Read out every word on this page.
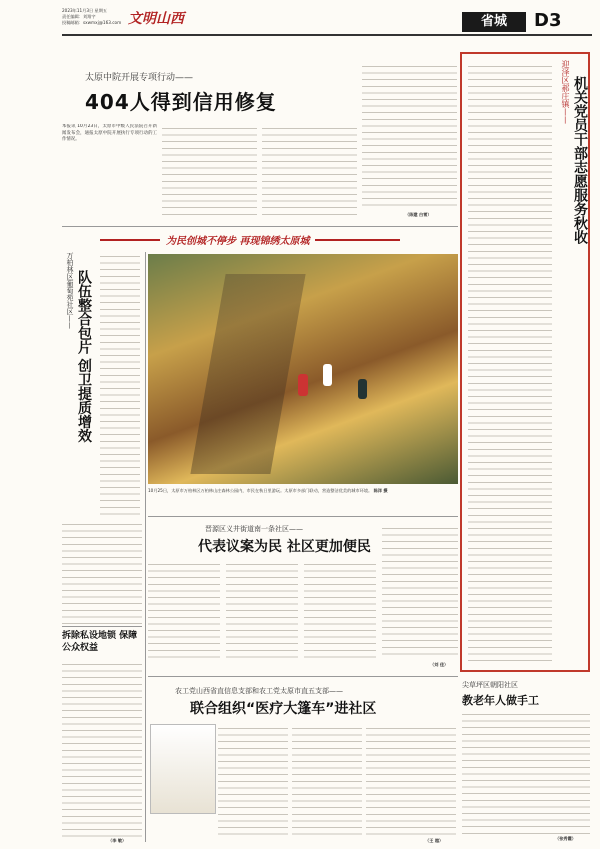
2023年11月3日 星期五
责任编辑：刘翔宇
投稿邮箱：sxwmxj@163.com 文明山西	省城	D3
太原中院开展专项行动——
404人得到信用修复
本报讯 10月23日，太原市中级人民法院召开新闻发布会，通报太原中院开展执行专项行动的工作情况。
（陈建 白雪）
为民创城不停步 再现锦绣太原城
万柏林区葡萄苑社区—— 队伍整合包片 创卫提质增效
10月25日，太原市万柏林区万柏林山庄森林公园内，市民在秋日里游玩。太原市多部门联动，营造整洁优美的城市环境。 陈洋 摄
晋源区义井街道南一条社区——
代表议案为民 社区更加便民
（刘 佳）
拆除私设地锁 保障公众权益
（李 敏）
农工党山西省直信息支部和农工党太原市直五支部——
联合组织“医疗大篷车”进社区
（王 越）
迎泽区郝庄镇—— 机关党员干部志愿服务秋收
尖草坪区朝阳社区
教老年人做手工
（张秀霞）
